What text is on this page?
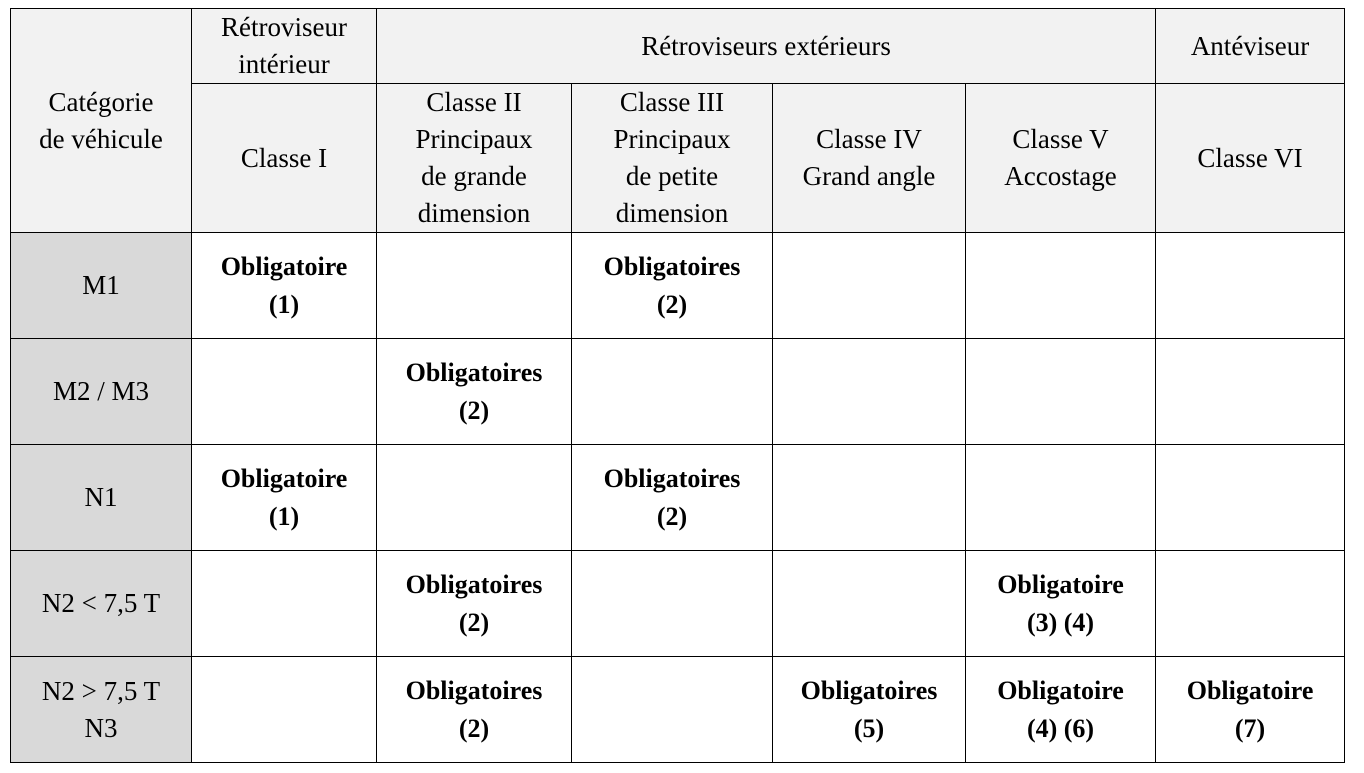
Catégorie
de véhicule	Rétroviseur
intérieur	Rétroviseurs extérieurs				Antéviseur

	Classe I	Classe II
Principaux
de grande
dimension	Classe III
Principaux
de petite
dimension	Classe IV
Grand angle	Classe V
Accostage	Classe VI

M1	Obligatoire
(1)		Obligatoires
(2)			

M2 / M3		Obligatoires
(2)				

N1	Obligatoire
(1)		Obligatoires
(2)			

N2 < 7,5 T		Obligatoires
(2)			Obligatoire
(3) (4)	

N2 > 7,5 T
N3		Obligatoires
(2)		Obligatoires
(5)	Obligatoire
(4) (6)	Obligatoire
(7)
